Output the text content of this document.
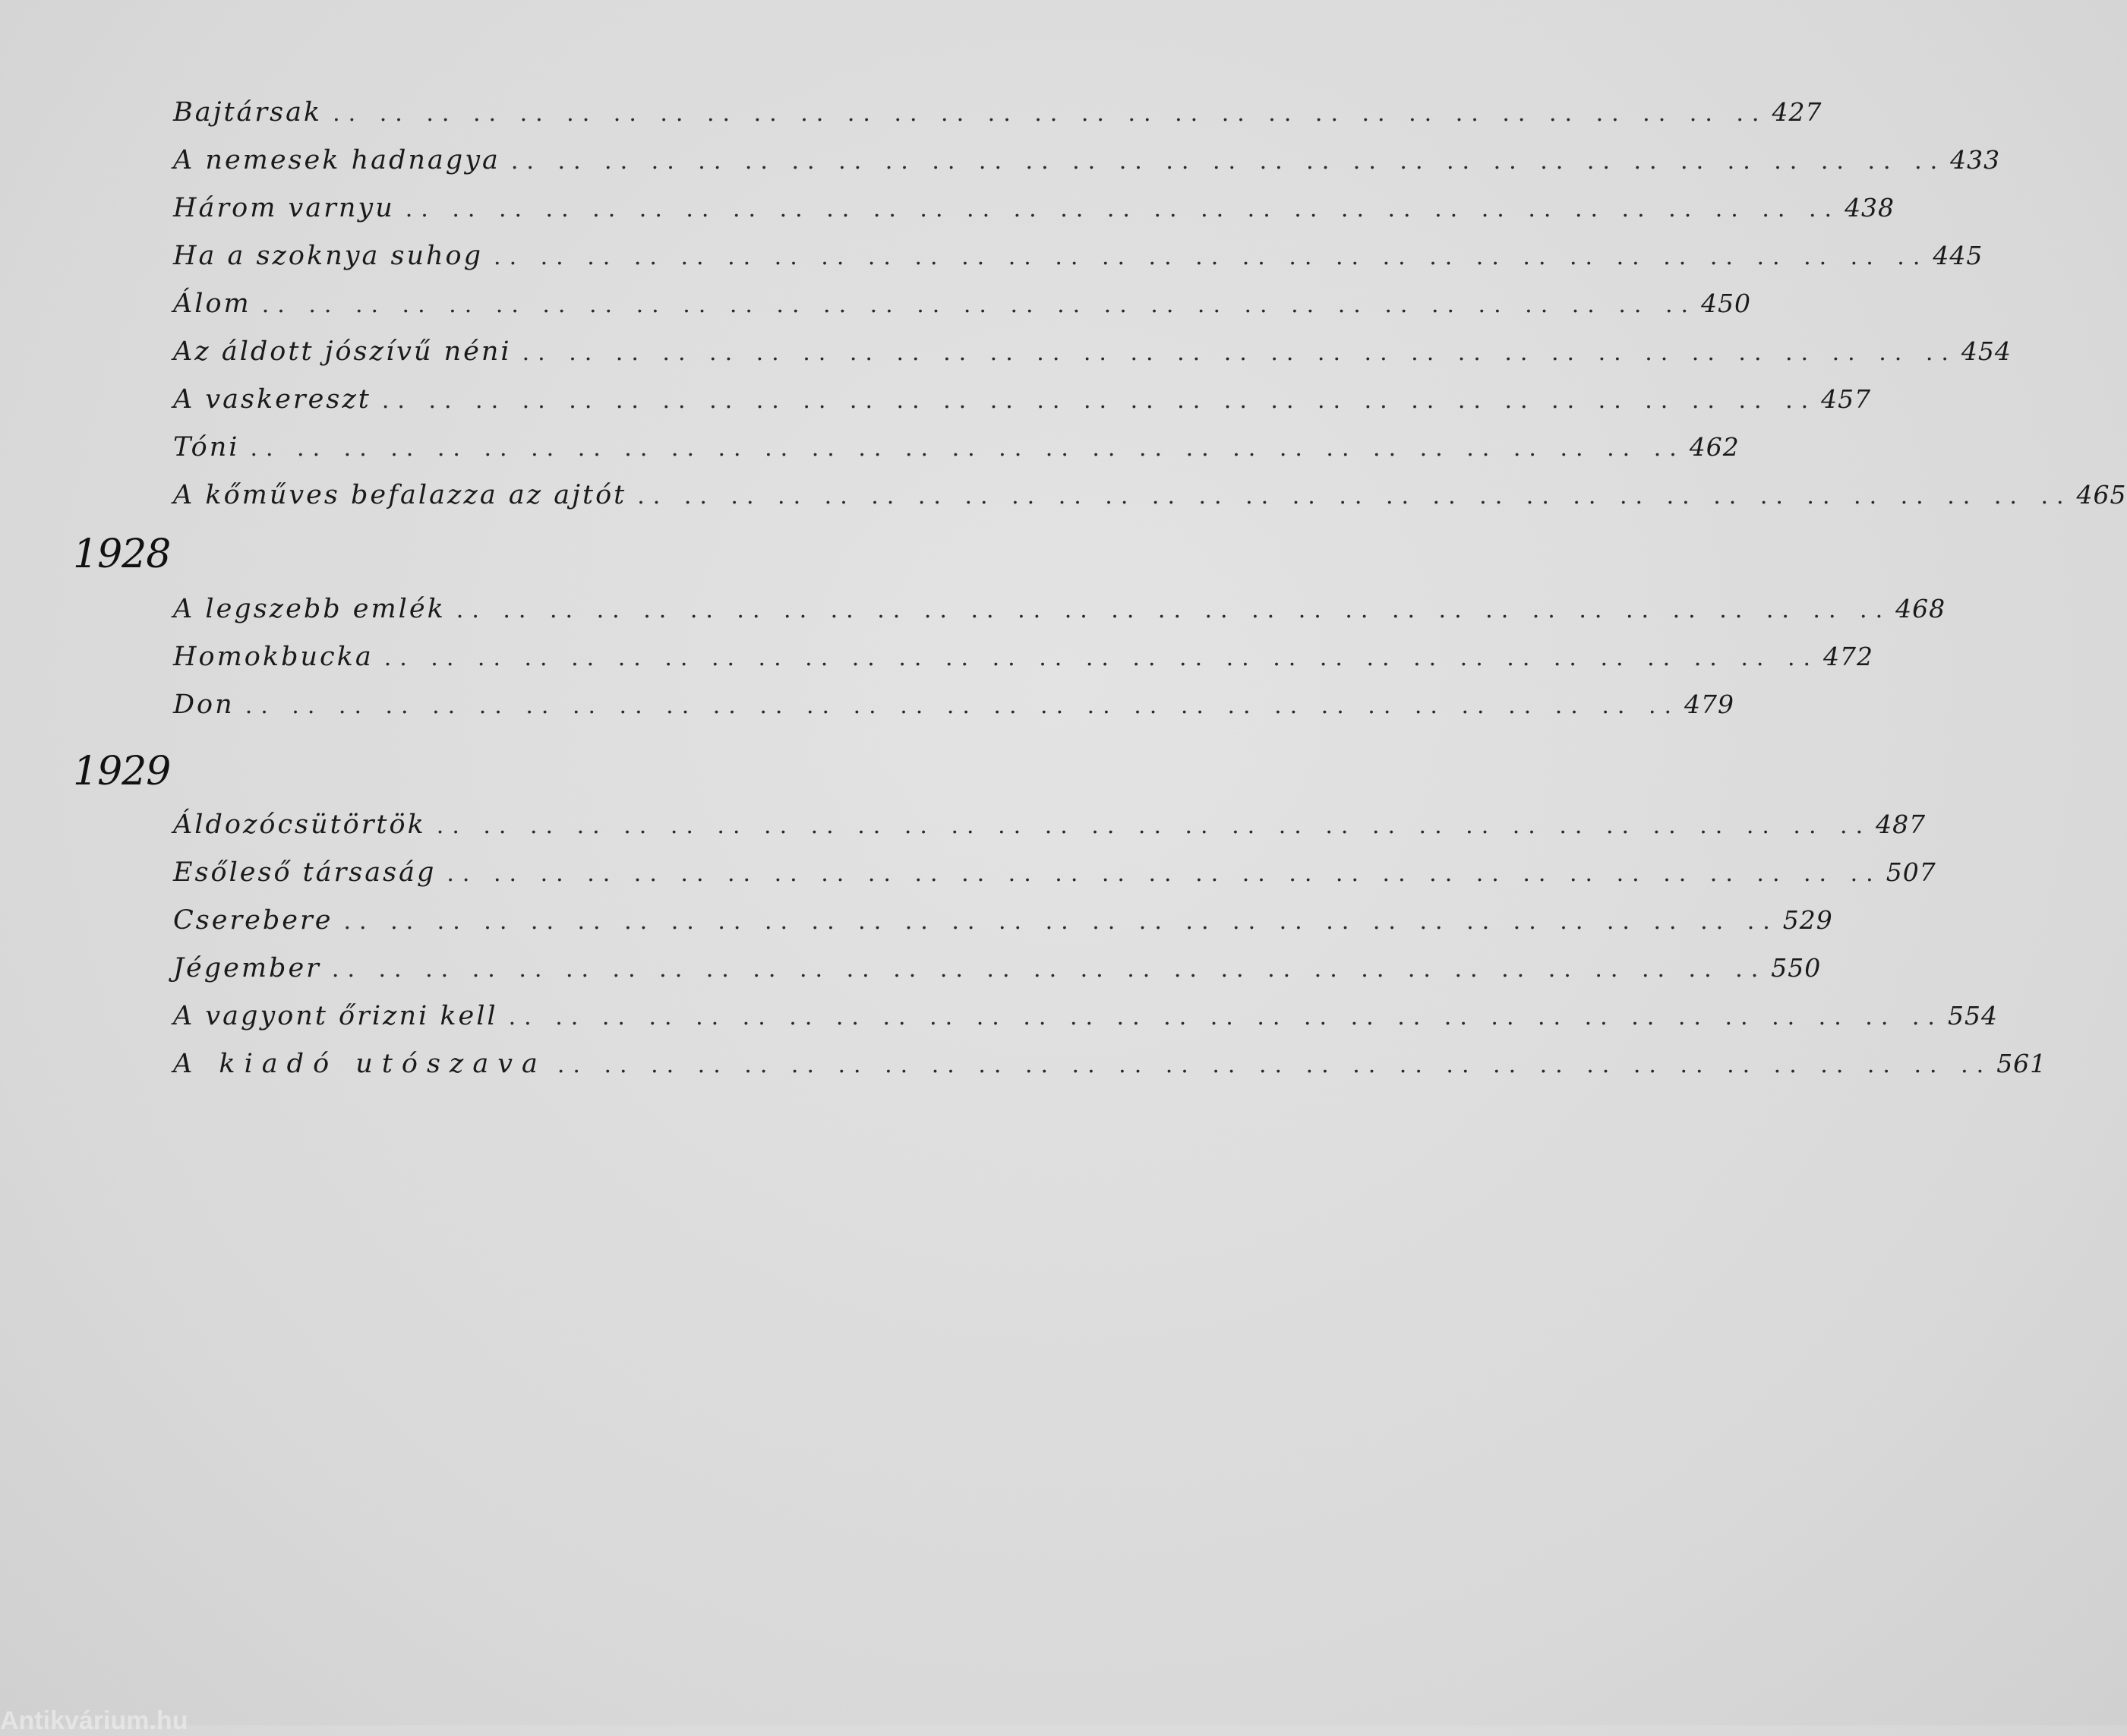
Bajtársak .. .. .. .. .. .. .. .. .. .. .. .. .. .. .. .. .. .. .. .. .. .. .. .. .. .. .. .. .. .. .. 427
A nemesek hadnagya .. .. .. .. .. .. .. .. .. .. .. .. .. .. .. .. .. .. .. .. .. .. .. .. .. .. .. .. .. .. .. 433
Három varnyu .. .. .. .. .. .. .. .. .. .. .. .. .. .. .. .. .. .. .. .. .. .. .. .. .. .. .. .. .. .. .. 438
Ha a szoknya suhog .. .. .. .. .. .. .. .. .. .. .. .. .. .. .. .. .. .. .. .. .. .. .. .. .. .. .. .. .. .. .. 445
Álom .. .. .. .. .. .. .. .. .. .. .. .. .. .. .. .. .. .. .. .. .. .. .. .. .. .. .. .. .. .. .. 450
Az áldott jószívű néni .. .. .. .. .. .. .. .. .. .. .. .. .. .. .. .. .. .. .. .. .. .. .. .. .. .. .. .. .. .. .. 454
A vaskereszt .. .. .. .. .. .. .. .. .. .. .. .. .. .. .. .. .. .. .. .. .. .. .. .. .. .. .. .. .. .. .. 457
Tóni .. .. .. .. .. .. .. .. .. .. .. .. .. .. .. .. .. .. .. .. .. .. .. .. .. .. .. .. .. .. .. 462
A kőműves befalazza az ajtót .. .. .. .. .. .. .. .. .. .. .. .. .. .. .. .. .. .. .. .. .. .. .. .. .. .. .. .. .. .. .. 465
1928
A legszebb emlék .. .. .. .. .. .. .. .. .. .. .. .. .. .. .. .. .. .. .. .. .. .. .. .. .. .. .. .. .. .. .. 468
Homokbucka .. .. .. .. .. .. .. .. .. .. .. .. .. .. .. .. .. .. .. .. .. .. .. .. .. .. .. .. .. .. .. 472
Don .. .. .. .. .. .. .. .. .. .. .. .. .. .. .. .. .. .. .. .. .. .. .. .. .. .. .. .. .. .. .. 479
1929
Áldozócsütörtök .. .. .. .. .. .. .. .. .. .. .. .. .. .. .. .. .. .. .. .. .. .. .. .. .. .. .. .. .. .. .. 487
Esőleső társaság .. .. .. .. .. .. .. .. .. .. .. .. .. .. .. .. .. .. .. .. .. .. .. .. .. .. .. .. .. .. .. 507
Cserebere .. .. .. .. .. .. .. .. .. .. .. .. .. .. .. .. .. .. .. .. .. .. .. .. .. .. .. .. .. .. .. 529
Jégember .. .. .. .. .. .. .. .. .. .. .. .. .. .. .. .. .. .. .. .. .. .. .. .. .. .. .. .. .. .. .. 550
A vagyont őrizni kell .. .. .. .. .. .. .. .. .. .. .. .. .. .. .. .. .. .. .. .. .. .. .. .. .. .. .. .. .. .. .. 554
A kiadó utószava .. .. .. .. .. .. .. .. .. .. .. .. .. .. .. .. .. .. .. .. .. .. .. .. .. .. .. .. .. .. .. 561
Antikvárium.hu
